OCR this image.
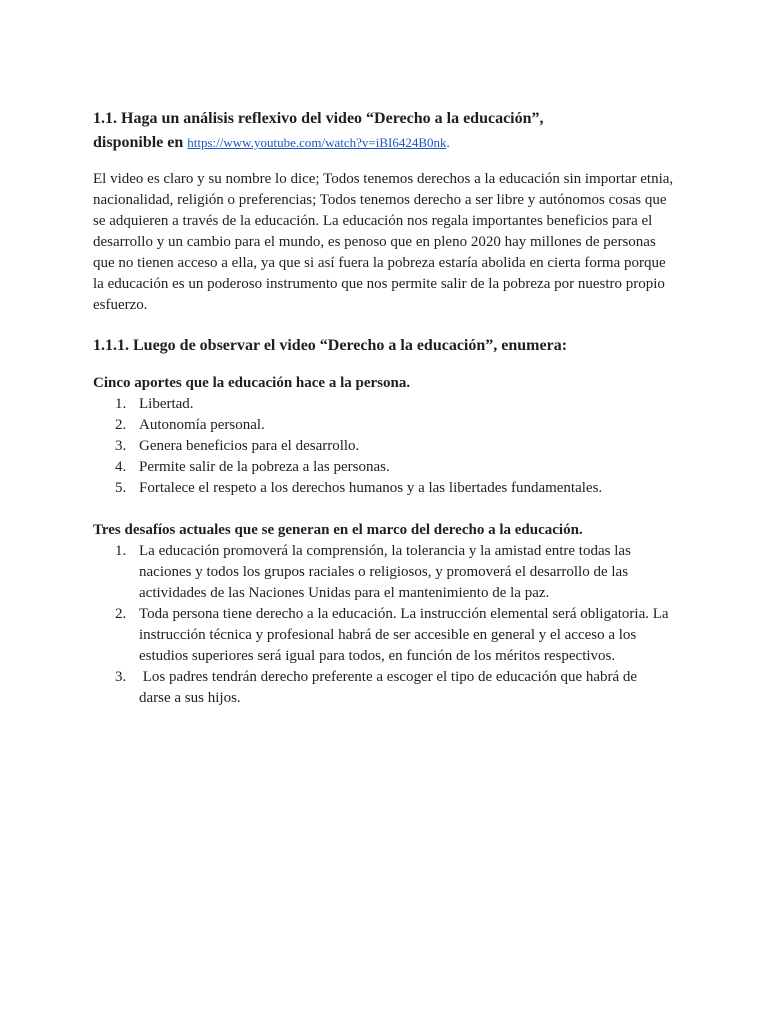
1.1. Haga un análisis reflexivo del video “Derecho a la educación”,
disponible en https://www.youtube.com/watch?v=iBI6424B0nk.

El video es claro y su nombre lo dice; Todos tenemos derechos a la educación sin importar etnia, nacionalidad, religión o preferencias; Todos tenemos derecho a ser libre y autónomos cosas que se adquieren a través de la educación. La educación nos regala importantes beneficios para el desarrollo y un cambio para el mundo, es penoso que en pleno 2020 hay millones de personas que no tienen acceso a ella, ya que si así fuera la pobreza estaría abolida en cierta forma porque la educación es un poderoso instrumento que nos permite salir de la pobreza por nuestro propio esfuerzo.

1.1.1. Luego de observar el video “Derecho a la educación”, enumera:

Cinco aportes que la educación hace a la persona.

1. Libertad.
2. Autonomía personal.
3. Genera beneficios para el desarrollo.
4. Permite salir de la pobreza a las personas.
5. Fortalece el respeto a los derechos humanos y a las libertades fundamentales.

Tres desafíos actuales que se generan en el marco del derecho a la educación.

1. La educación promoverá la comprensión, la tolerancia y la amistad entre todas las naciones y todos los grupos raciales o religiosos, y promoverá el desarrollo de las actividades de las Naciones Unidas para el mantenimiento de la paz.
2. Toda persona tiene derecho a la educación. La instrucción elemental será obligatoria. La instrucción técnica y profesional habrá de ser accesible en general y el acceso a los estudios superiores será igual para todos, en función de los méritos respectivos.
3. Los padres tendrán derecho preferente a escoger el tipo de educación que habrá de darse a sus hijos.
